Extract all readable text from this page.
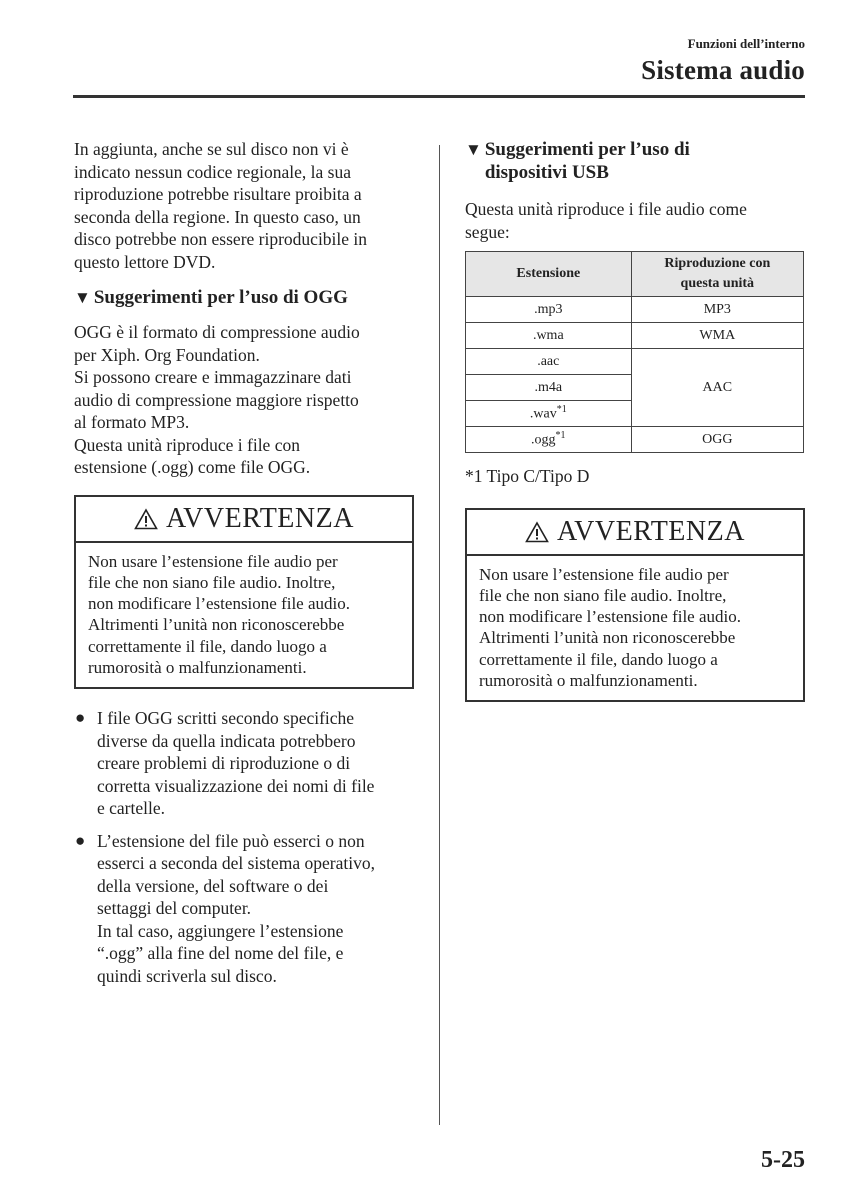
Funzioni dell’interno
Sistema audio

In aggiunta, anche se sul disco non vi è
indicato nessun codice regionale, la sua
riproduzione potrebbe risultare proibita a
seconda della regione. In questo caso, un
disco potrebbe non essere riproducibile in
questo lettore DVD.

▼ Suggerimenti per l’uso di OGG

OGG è il formato di compressione audio
per Xiph. Org Foundation.
Si possono creare e immagazzinare dati
audio di compressione maggiore rispetto
al formato MP3.
Questa unità riproduce i file con
estensione (.ogg) come file OGG.

AVVERTENZA

Non usare l’estensione file audio per
file che non siano file audio. Inoltre,
non modificare l’estensione file audio.
Altrimenti l’unità non riconoscerebbe
correttamente il file, dando luogo a
rumorosità o malfunzionamenti.

● I file OGG scritti secondo specifiche
diverse da quella indicata potrebbero
creare problemi di riproduzione o di
corretta visualizzazione dei nomi di file
e cartelle.

● L’estensione del file può esserci o non
esserci a seconda del sistema operativo,
della versione, del software o dei
settaggi del computer.
In tal caso, aggiungere l’estensione
“.ogg” alla fine del nome del file, e
quindi scriverla sul disco.

▼ Suggerimenti per l’uso di
dispositivi USB

Questa unità riproduce i file audio come
segue:

Estensione	Riproduzione con
questa unità
.mp3	MP3
.wma	WMA
.aac	AAC
.m4a	
.wav$^{*1}$
.ogg$^{*1}$	OGG

*1 Tipo C/Tipo D

AVVERTENZA

Non usare l’estensione file audio per
file che non siano file audio. Inoltre,
non modificare l’estensione file audio.
Altrimenti l’unità non riconoscerebbe
correttamente il file, dando luogo a
rumorosità o malfunzionamenti.

5-25
